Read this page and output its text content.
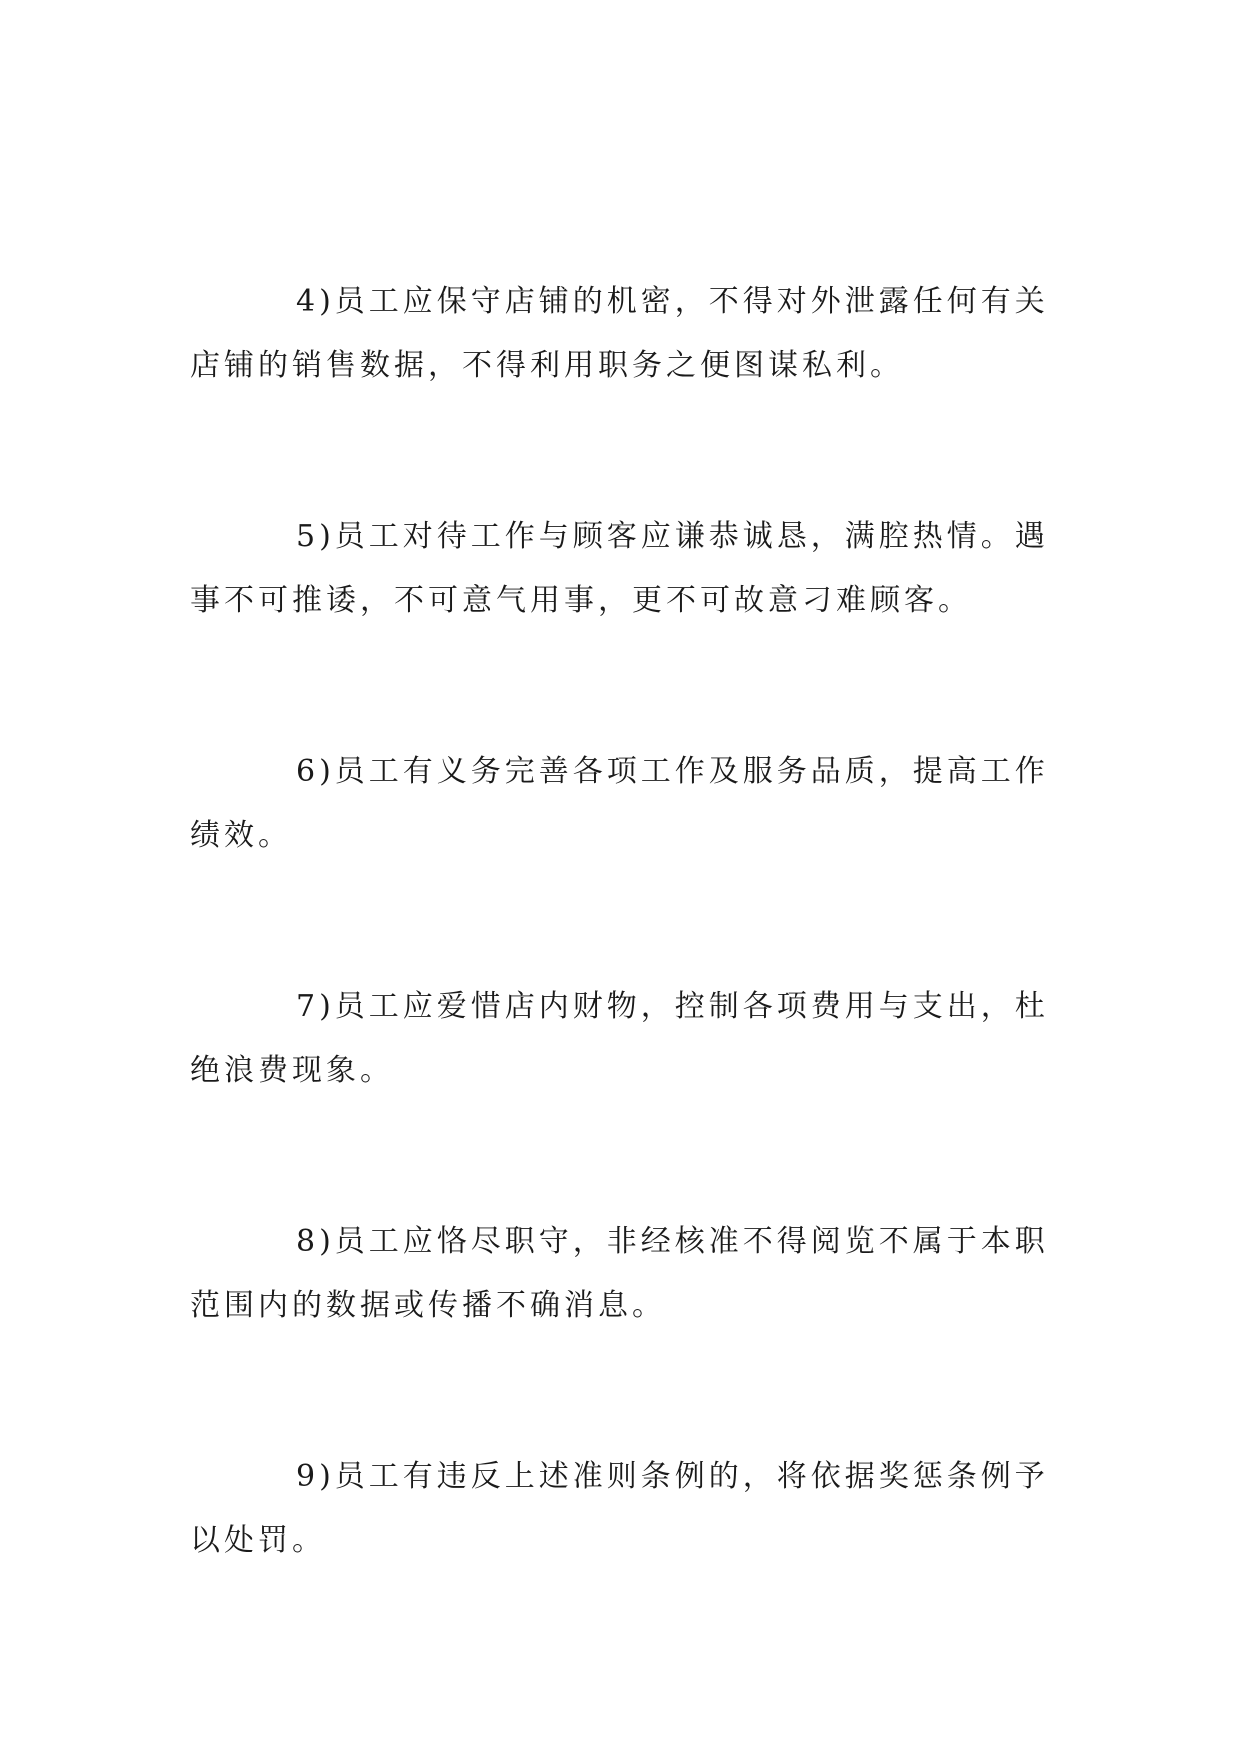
4)员工应保守店铺的机密，不得对外泄露任何有关店铺的销售数据，不得利用职务之便图谋私利。

5)员工对待工作与顾客应谦恭诚恳，满腔热情。遇事不可推诿，不可意气用事，更不可故意刁难顾客。

6)员工有义务完善各项工作及服务品质，提高工作绩效。

7)员工应爱惜店内财物，控制各项费用与支出，杜绝浪费现象。

8)员工应恪尽职守，非经核准不得阅览不属于本职范围内的数据或传播不确消息。

9)员工有违反上述准则条例的，将依据奖惩条例予以处罚。
